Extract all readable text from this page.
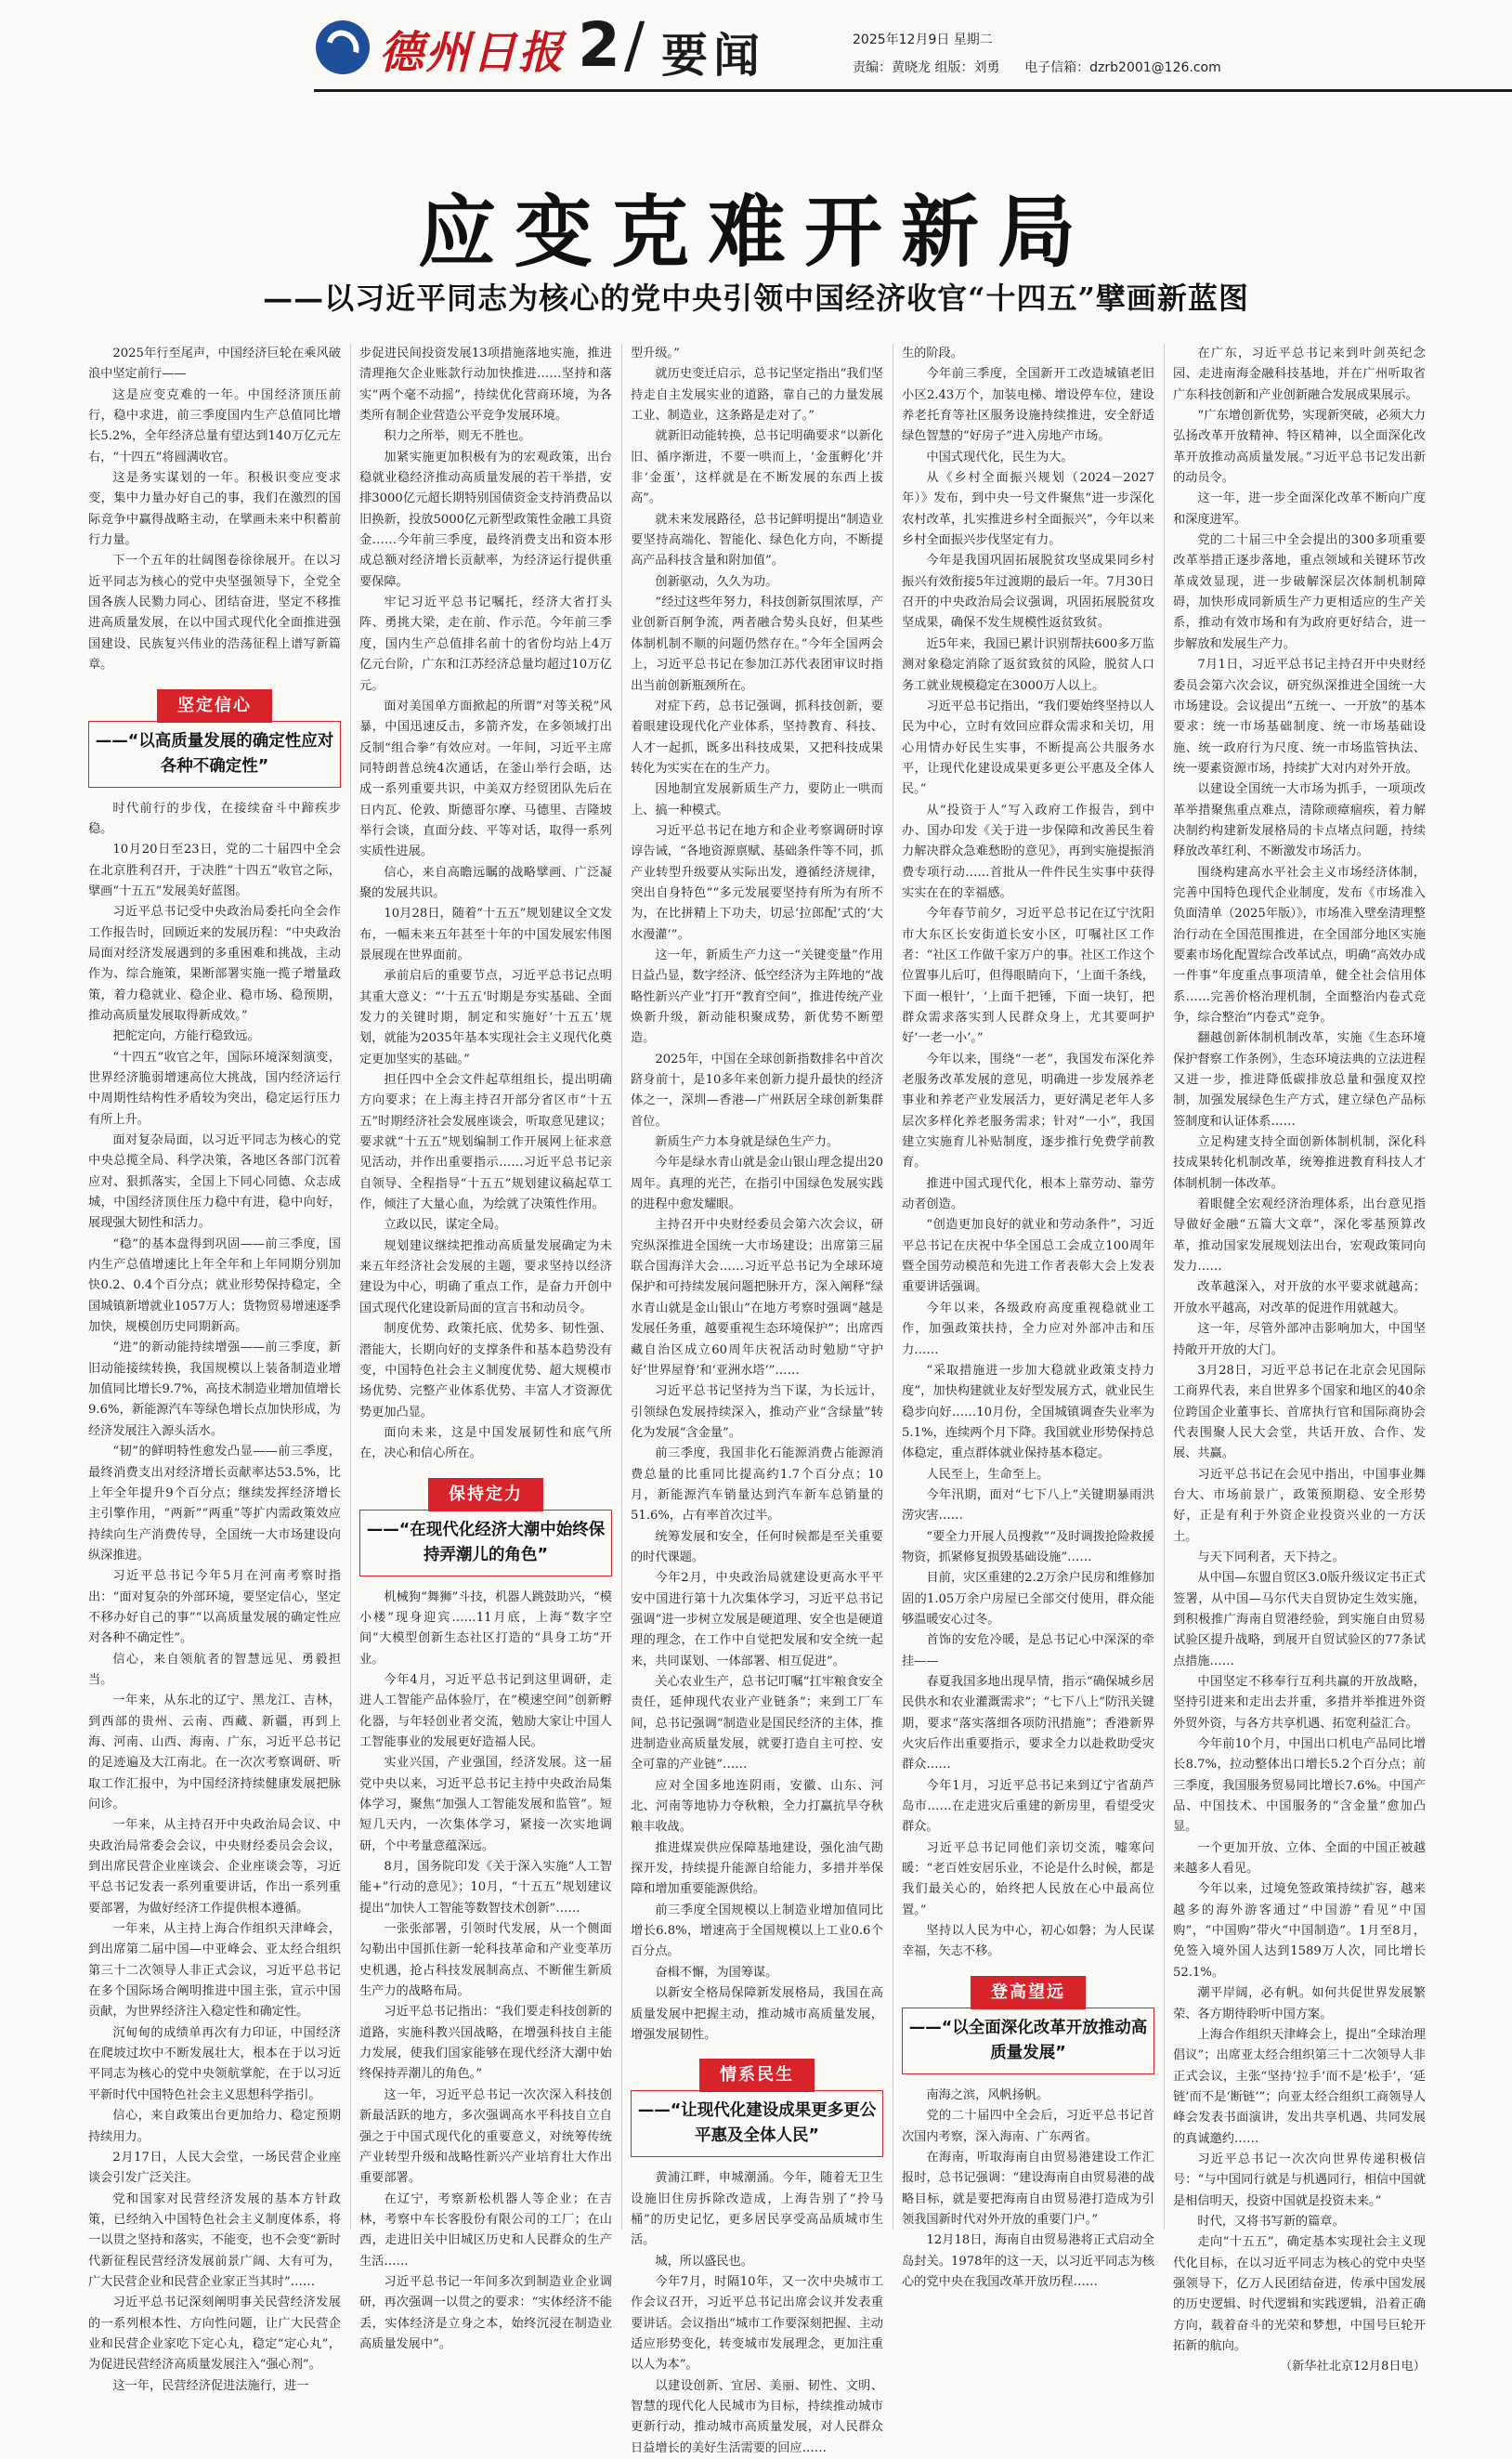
德州日报 2 / 要闻	2025年12月9日 星期二
责编：黄晓龙 组版：刘勇 电子信箱：dzrb2001@126.com
应变克难开新局
——以习近平同志为核心的党中央引领中国经济收官“十四五”擘画新蓝图

2025年行至尾声，中国经济巨轮在乘风破浪中坚定前行——

这是应变克难的一年。中国经济顶压前行，稳中求进，前三季度国内生产总值同比增长5.2%，全年经济总量有望达到140万亿元左右，“十四五”将圆满收官。

这是务实谋划的一年。积极识变应变求变，集中力量办好自己的事，我们在激烈的国际竞争中赢得战略主动，在擘画未来中积蓄前行力量。

下一个五年的壮阔图卷徐徐展开。在以习近平同志为核心的党中央坚强领导下，全党全国各族人民勠力同心、团结奋进，坚定不移推进高质量发展，在以中国式现代化全面推进强国建设、民族复兴伟业的浩荡征程上谱写新篇章。

坚定信心
——“以高质量发展的确定性应对各种不确定性”

时代前行的步伐，在接续奋斗中蹄疾步稳。

10月20日至23日，党的二十届四中全会在北京胜利召开，于决胜“十四五”收官之际，擘画“十五五”发展美好蓝图。

习近平总书记受中央政治局委托向全会作工作报告时，回顾近来的发展历程：“中央政治局面对经济发展遇到的多重困难和挑战，主动作为、综合施策，果断部署实施一揽子增量政策，着力稳就业、稳企业、稳市场、稳预期，推动高质量发展取得新成效。”

把舵定向，方能行稳致远。

“十四五”收官之年，国际环境深刻演变，世界经济脆弱增速高位大挑战，国内经济运行中周期性结构性矛盾较为突出，稳定运行压力有所上升。

面对复杂局面，以习近平同志为核心的党中央总揽全局、科学决策，各地区各部门沉着应对、狠抓落实，全国上下同心同德、众志成城，中国经济顶住压力稳中有进，稳中向好，展现强大韧性和活力。

“稳”的基本盘得到巩固——前三季度，国内生产总值增速比上年全年和上年同期分别加快0.2、0.4个百分点；就业形势保持稳定，全国城镇新增就业1057万人；货物贸易增速逐季加快，规模创历史同期新高。

“进”的新动能持续增强——前三季度，新旧动能接续转换，我国规模以上装备制造业增加值同比增长9.7%，高技术制造业增加值增长9.6%，新能源汽车等绿色增长点加快形成，为经济发展注入源头活水。

“韧”的鲜明特性愈发凸显——前三季度，最终消费支出对经济增长贡献率达53.5%，比上年全年提升9个百分点；继续发挥经济增长主引擎作用，“两新”“两重”等扩内需政策效应持续向生产消费传导，全国统一大市场建设向纵深推进。

习近平总书记今年5月在河南考察时指出：“面对复杂的外部环境，要坚定信心，坚定不移办好自己的事”“以高质量发展的确定性应对各种不确定性”。

信心，来自领航者的智慧远见、勇毅担当。

一年来，从东北的辽宁、黑龙江、吉林，到西部的贵州、云南、西藏、新疆，再到上海、河南、山西、海南、广东，习近平总书记的足迹遍及大江南北。在一次次考察调研、听取工作汇报中，为中国经济持续健康发展把脉问诊。

一年来，从主持召开中央政治局会议、中央政治局常委会会议，中央财经委员会会议，到出席民营企业座谈会、企业座谈会等，习近平总书记发表一系列重要讲话，作出一系列重要部署，为做好经济工作提供根本遵循。

一年来，从主持上海合作组织天津峰会，到出席第二届中国—中亚峰会、亚太经合组织第三十二次领导人非正式会议，习近平总书记在多个国际场合阐明推进中国主张，宣示中国贡献，为世界经济注入稳定性和确定性。

沉甸甸的成绩单再次有力印证，中国经济在爬坡过坎中不断发展壮大，根本在于以习近平同志为核心的党中央领航掌舵，在于以习近平新时代中国特色社会主义思想科学指引。

信心，来自政策出台更加给力、稳定预期持续用力。

2月17日，人民大会堂，一场民营企业座谈会引发广泛关注。

党和国家对民营经济发展的基本方针政策，已经纳入中国特色社会主义制度体系，将一以贯之坚持和落实，不能变，也不会变“新时代新征程民营经济发展前景广阔、大有可为，广大民营企业和民营企业家正当其时”……

习近平总书记深刻阐明事关民营经济发展的一系列根本性、方向性问题，让广大民营企业和民营企业家吃下定心丸，稳定“定心丸”，为促进民营经济高质量发展注入“强心剂”。

这一年，民营经济促进法施行，进一

步促进民间投资发展13项措施落地实施，推进清理拖欠企业账款行动加快推进……坚持和落实“两个毫不动摇”，持续优化营商环境，为各类所有制企业营造公平竞争发展环境。

积力之所举，则无不胜也。

加紧实施更加积极有为的宏观政策，出台稳就业稳经济推动高质量发展的若干举措，安排3000亿元超长期特别国债资金支持消费品以旧换新，投放5000亿元新型政策性金融工具资金……今年前三季度，最终消费支出和资本形成总额对经济增长贡献率，为经济运行提供重要保障。

牢记习近平总书记嘱托，经济大省打头阵、勇挑大梁，走在前、作示范。今年前三季度，国内生产总值排名前十的省份均站上4万亿元台阶，广东和江苏经济总量均超过10万亿元。

面对美国单方面掀起的所谓“对等关税”风暴，中国迅速反击，多箭齐发，在多领域打出反制“组合拳”有效应对。一年间，习近平主席同特朗普总统4次通话，在釜山举行会晤，达成一系列重要共识，中美双方经贸团队先后在日内瓦、伦敦、斯德哥尔摩、马德里、吉隆坡举行会谈，直面分歧、平等对话，取得一系列实质性进展。

信心，来自高瞻远瞩的战略擘画、广泛凝聚的发展共识。

10月28日，随着“十五五”规划建议全文发布，一幅未来五年甚至十年的中国发展宏伟图景展现在世界面前。

承前启后的重要节点，习近平总书记点明其重大意义：“‘十五五’时期是夯实基础、全面发力的关键时期，制定和实施好‘十五五’规划，就能为2035年基本实现社会主义现代化奠定更加坚实的基础。”

担任四中全会文件起草组组长，提出明确方向要求；在上海主持召开部分省区市“十五五”时期经济社会发展座谈会，听取意见建议；要求就“十五五”规划编制工作开展网上征求意见活动，并作出重要指示……习近平总书记亲自领导、全程指导“十五五”规划建议稿起草工作，倾注了大量心血，为绘就了决策性作用。

立政以民，谋定全局。

规划建议继续把推动高质量发展确定为未来五年经济社会发展的主题，要求坚持以经济建设为中心，明确了重点工作，是奋力开创中国式现代化建设新局面的宣言书和动员令。

制度优势、政策托底、优势多、韧性强、潜能大，长期向好的支撑条件和基本趋势没有变，中国特色社会主义制度优势、超大规模市场优势、完整产业体系优势、丰富人才资源优势更加凸显。

面向未来，这是中国发展韧性和底气所在，决心和信心所在。

保持定力
——“在现代化经济大潮中始终保持弄潮儿的角色”

机械狗“舞狮”斗技，机器人跳鼓助兴，“模小楼”现身迎宾……11月底，上海“数字空间”大模型创新生态社区打造的“具身工坊”开业。

今年4月，习近平总书记到这里调研，走进人工智能产品体验厅，在“模速空间”创新孵化器，与年轻创业者交流，勉励大家让中国人工智能事业的发展更好造福人民。

实业兴国，产业强国，经济发展。这一届党中央以来，习近平总书记主持中央政治局集体学习，聚焦“加强人工智能发展和监管”。短短几天内，一次集体学习，紧接一次实地调研，个中考量意蕴深远。

8月，国务院印发《关于深入实施“人工智能+”行动的意见》；10月，“十五五”规划建议提出“加快人工智能等数智技术创新”……

一张张部署，引领时代发展，从一个侧面勾勒出中国抓住新一轮科技革命和产业变革历史机遇，抢占科技发展制高点、不断催生新质生产力的战略布局。

习近平总书记指出：“我们要走科技创新的道路，实施科教兴国战略，在增强科技自主能力发展，使我们国家能够在现代经济大潮中始终保持弄潮儿的角色。”

这一年，习近平总书记一次次深入科技创新最活跃的地方，多次强调高水平科技自立自强之于中国式现代化的重要意义，对统筹传统产业转型升级和战略性新兴产业培育壮大作出重要部署。

在辽宁，考察新松机器人等企业；在吉林，考察中车长客股份有限公司的工厂；在山西，走进旧关中旧城区历史和人民群众的生产生活……

习近平总书记一年间多次到制造业企业调研，再次强调一以贯之的要求：“实体经济不能丢，实体经济是立身之本，始终沉浸在制造业高质量发展中”。

型升级。”

就历史变迁启示，总书记坚定指出“我们坚持走自主发展实业的道路，靠自己的力量发展工业、制造业，这条路是走对了。”

就新旧动能转换，总书记明确要求“以新化旧、循序渐进，不要一哄而上，‘金蛋孵化’并非‘金蛋’，这样就是在不断发展的东西上拔高”。

就未来发展路径，总书记鲜明提出“制造业要坚持高端化、智能化、绿色化方向，不断提高产品科技含量和附加值”。

创新驱动，久久为功。

“经过这些年努力，科技创新氛围浓厚，产业创新百舸争流，两者融合势头良好，但某些体制机制不顺的问题仍然存在。”今年全国两会上，习近平总书记在参加江苏代表团审议时指出当前创新瓶颈所在。

对症下药，总书记强调，抓科技创新，要着眼建设现代化产业体系，坚持教育、科技、人才一起抓，既多出科技成果，又把科技成果转化为实实在在的生产力。

因地制宜发展新质生产力，要防止一哄而上、搞一种模式。

习近平总书记在地方和企业考察调研时谆谆告诫，“各地资源禀赋、基础条件等不同，抓产业转型升级要从实际出发，遵循经济规律，突出自身特色”“多元发展要坚持有所为有所不为，在比拼精上下功夫，切忌‘拉郎配’式的‘大水漫灌’”。

这一年，新质生产力这一“关键变量”作用日益凸显，数字经济、低空经济为主阵地的“战略性新兴产业”打开“教育空间”，推进传统产业焕新升级，新动能积聚成势，新优势不断塑造。

2025年，中国在全球创新指数排名中首次跻身前十，是10多年来创新力提升最快的经济体之一，深圳—香港—广州跃居全球创新集群首位。

新质生产力本身就是绿色生产力。

今年是绿水青山就是金山银山理念提出20周年。真理的光芒，在指引中国绿色发展实践的进程中愈发耀眼。

主持召开中央财经委员会第六次会议，研究纵深推进全国统一大市场建设；出席第三届联合国海洋大会……习近平总书记为全球环境保护和可持续发展问题把脉开方，深入阐释“绿水青山就是金山银山”在地方考察时强调“越是发展任务重，越要重视生态环境保护”；出席西藏自治区成立60周年庆祝活动时勉励“守护好‘世界屋脊’和‘亚洲水塔’”……

习近平总书记坚持为当下谋，为长远计，引领绿色发展持续深入，推动产业“含绿量”转化为发展“含金量”。

前三季度，我国非化石能源消费占能源消费总量的比重同比提高约1.7个百分点；10月，新能源汽车销量达到汽车新车总销量的51.6%，占有率首次过半。

统筹发展和安全，任何时候都是至关重要的时代课题。

今年2月，中央政治局就建设更高水平平安中国进行第十九次集体学习，习近平总书记强调“进一步树立发展是硬道理、安全也是硬道理的理念，在工作中自觉把发展和安全统一起来，共同谋划、一体部署、相互促进”。

关心农业生产，总书记叮嘱“扛牢粮食安全责任，延伸现代农业产业链条”；来到工厂车间，总书记强调“制造业是国民经济的主体，推进制造业高质量发展，就要打造自主可控、安全可靠的产业链”……

应对全国多地连阴雨，安徽、山东、河北、河南等地协力夺秋粮，全力打赢抗旱夺秋粮丰收战。

推进煤炭供应保障基地建设，强化油气勘探开发，持续提升能源自给能力，多措并举保障和增加重要能源供给。

前三季度全国规模以上制造业增加值同比增长6.8%，增速高于全国规模以上工业0.6个百分点。

奋楫不懈，为国筹谋。

以新安全格局保障新发展格局，我国在高质量发展中把握主动，推动城市高质量发展，增强发展韧性。

情系民生
——“让现代化建设成果更多更公平惠及全体人民”

黄浦江畔，申城潮涌。今年，随着无卫生设施旧住房拆除改造成，上海告别了“拎马桶”的历史记忆，更多居民享受高品质城市生活。

城，所以盛民也。

今年7月，时隔10年，又一次中央城市工作会议召开，习近平总书记出席会议并发表重要讲话。会议指出“城市工作要深刻把握、主动适应形势变化，转变城市发展理念，更加注重以人为本”。

以建设创新、宜居、美丽、韧性、文明、智慧的现代化人民城市为目标，持续推动城市更新行动，推动城市高质量发展，对人民群众日益增长的美好生活需要的回应……

生的阶段。

今年前三季度，全国新开工改造城镇老旧小区2.43万个，加装电梯、增设停车位，建设养老托育等社区服务设施持续推进，安全舒适绿色智慧的“好房子”进入房地产市场。

中国式现代化，民生为大。

从《乡村全面振兴规划（2024－2027年）》发布，到中央一号文件聚焦“进一步深化农村改革，扎实推进乡村全面振兴”，今年以来乡村全面振兴步伐坚定有力。

今年是我国巩固拓展脱贫攻坚成果同乡村振兴有效衔接5年过渡期的最后一年。7月30日召开的中央政治局会议强调，巩固拓展脱贫攻坚成果，确保不发生规模性返贫致贫。

近5年来，我国已累计识别帮扶600多万监测对象稳定消除了返贫致贫的风险，脱贫人口务工就业规模稳定在3000万人以上。

习近平总书记指出，“我们要始终坚持以人民为中心，立时有效回应群众需求和关切，用心用情办好民生实事，不断提高公共服务水平，让现代化建设成果更多更公平惠及全体人民。”

从“投资于人”写入政府工作报告，到中办、国办印发《关于进一步保障和改善民生着力解决群众急难愁盼的意见》，再到实施提振消费专项行动……首批从一件件民生实事中获得实实在在的幸福感。

今年春节前夕，习近平总书记在辽宁沈阳市大东区长安街道长安小区，叮嘱社区工作者：“社区工作做千家万户的事。社区工作这个位置事儿后叮，但得眼睛向下，‘上面千条线，下面一根针’，‘上面千把锤，下面一块钉，把群众需求落实到人民群众身上，尤其要呵护好‘一老一小’。”

今年以来，围绕“一老”，我国发布深化养老服务改革发展的意见，明确进一步发展养老事业和养老产业发展活力，更好满足老年人多层次多样化养老服务需求；针对“一小”，我国建立实施育儿补贴制度，逐步推行免费学前教育。

推进中国式现代化，根本上靠劳动、靠劳动者创造。

“创造更加良好的就业和劳动条件”，习近平总书记在庆祝中华全国总工会成立100周年暨全国劳动模范和先进工作者表彰大会上发表重要讲话强调。

今年以来，各级政府高度重视稳就业工作，加强政策扶持，全力应对外部冲击和压力……

“采取措施进一步加大稳就业政策支持力度”，加快构建就业友好型发展方式，就业民生稳步向好……10月份，全国城镇调查失业率为5.1%，连续两个月下降。我国就业形势保持总体稳定，重点群体就业保持基本稳定。

人民至上，生命至上。

今年汛期，面对“七下八上”关键期暴雨洪涝灾害……

“要全力开展人员搜救”“及时调拨抢险救援物资，抓紧修复损毁基础设施”……

目前，灾区重建的2.2万余户民房和维修加固的1.05万余户房屋已全部交付使用，群众能够温暖安心过冬。

首饰的安危冷暖，是总书记心中深深的牵挂——

春夏我国多地出现旱情，指示“确保城乡居民供水和农业灌溉需求”；“七下八上”防汛关键期，要求“落实落细各项防汛措施”；香港新界火灾后作出重要指示，要求全力以赴救助受灾群众……

今年1月，习近平总书记来到辽宁省葫芦岛市……在走进灾后重建的新房里，看望受灾群众。

习近平总书记同他们亲切交流，嘘寒问暖：“老百姓安居乐业，不论是什么时候，都是我们最关心的，始终把人民放在心中最高位置。”

坚持以人民为中心，初心如磐；为人民谋幸福，矢志不移。

登高望远
——“以全面深化改革开放推动高质量发展”

南海之滨，风帆扬帆。

党的二十届四中全会后，习近平总书记首次国内考察，深入海南、广东两省。

在海南，听取海南自由贸易港建设工作汇报时，总书记强调：“建设海南自由贸易港的战略目标，就是要把海南自由贸易港打造成为引领我国新时代对外开放的重要门户。”

12月18日，海南自由贸易港将正式启动全岛封关。1978年的这一天，以习近平同志为核心的党中央在我国改革开放历程……

在广东，习近平总书记来到叶剑英纪念园、走进南海金融科技基地，并在广州听取省广东科技创新和产业创新融合发展成果展示。

“广东增创新优势，实现新突破，必须大力弘扬改革开放精神、特区精神，以全面深化改革开放推动高质量发展。”习近平总书记发出新的动员令。

这一年，进一步全面深化改革不断向广度和深度进军。

党的二十届三中全会提出的300多项重要改革举措正逐步落地，重点领域和关键环节改革成效显现，进一步破解深层次体制机制障碍，加快形成同新质生产力更相适应的生产关系，推动有效市场和有为政府更好结合，进一步解放和发展生产力。

7月1日，习近平总书记主持召开中央财经委员会第六次会议，研究纵深推进全国统一大市场建设。会议提出“五统一、一开放”的基本要求：统一市场基础制度、统一市场基础设施、统一政府行为尺度、统一市场监管执法、统一要素资源市场，持续扩大对内对外开放。

以建设全国统一大市场为抓手，一项项改革举措聚焦重点难点，清除顽瘴痼疾，着力解决制约构建新发展格局的卡点堵点问题，持续释放改革红利、不断激发市场活力。

围绕构建高水平社会主义市场经济体制，完善中国特色现代企业制度，发布《市场准入负面清单（2025年版）》，市场准入壁垒清理整治行动在全国范围推进，在全国部分地区实施要素市场化配置综合改革试点，明确“高效办成一件事”年度重点事项清单，健全社会信用体系……完善价格治理机制，全面整治内卷式竞争，综合整治“内卷式”竞争。

翻越创新体制机制改革，实施《生态环境保护督察工作条例》，生态环境法典的立法进程又进一步，推进降低碳排放总量和强度双控制，加强发展绿色生产方式，建立绿色产品标签制度和认证体系……

立足构建支持全面创新体制机制，深化科技成果转化机制改革，统筹推进教育科技人才体制机制一体改革。

着眼健全宏观经济治理体系，出台意见指导做好金融“五篇大文章”，深化零基预算改革，推动国家发展规划法出台，宏观政策同向发力……

改革越深入，对开放的水平要求就越高；开放水平越高，对改革的促进作用就越大。

这一年，尽管外部冲击影响加大，中国坚持敞开开放的大门。

3月28日，习近平总书记在北京会见国际工商界代表，来自世界多个国家和地区的40余位跨国企业董事长、首席执行官和国际商协会代表围聚人民大会堂，共话开放、合作、发展、共赢。

习近平总书记在会见中指出，中国事业舞台大、市场前景广，政策预期稳、安全形势好，正是有利于外资企业投资兴业的一方沃土。

与天下同利者，天下持之。

从中国—东盟自贸区3.0版升级议定书正式签署，从中国—马尔代夫自贸协定生效实施，到积极推广海南自贸港经验，到实施自由贸易试验区提升战略，到展开自贸试验区的77条试点措施……

中国坚定不移奉行互利共赢的开放战略，坚持引进来和走出去并重，多措并举推进外资外贸外资，与各方共享机遇、拓宽利益汇合。

今年前10个月，中国出口机电产品同比增长8.7%，拉动整体出口增长5.2个百分点；前三季度，我国服务贸易同比增长7.6%。中国产品、中国技术、中国服务的“含金量”愈加凸显。

一个更加开放、立体、全面的中国正被越来越多人看见。

今年以来，过境免签政策持续扩容，越来越多的海外游客通过“中国游”看见“中国购”，“中国购”带火“中国制造”。1月至8月，免签入境外国人达到1589万人次，同比增长52.1%。

潮平岸阔，必有帆。如何共促世界发展繁荣、各方期待聆听中国方案。

上海合作组织天津峰会上，提出“全球治理倡议”；出席亚太经合组织第三十二次领导人非正式会议，主张“坚持‘拉手’而不是‘松手’，‘延链’而不是‘断链’”；向亚太经合组织工商领导人峰会发表书面演讲，发出共享机遇、共同发展的真诚邀约……

习近平总书记一次次向世界传递积极信号：“与中国同行就是与机遇同行，相信中国就是相信明天，投资中国就是投资未来。”

时代，又将书写新的篇章。

走向“十五五”，确定基本实现社会主义现代化目标，在以习近平同志为核心的党中央坚强领导下，亿万人民团结奋进，传承中国发展的历史逻辑、时代逻辑和实践逻辑，沿着正确方向，载着奋斗的光荣和梦想，中国号巨轮开拓新的航向。

（新华社北京12月8日电）
